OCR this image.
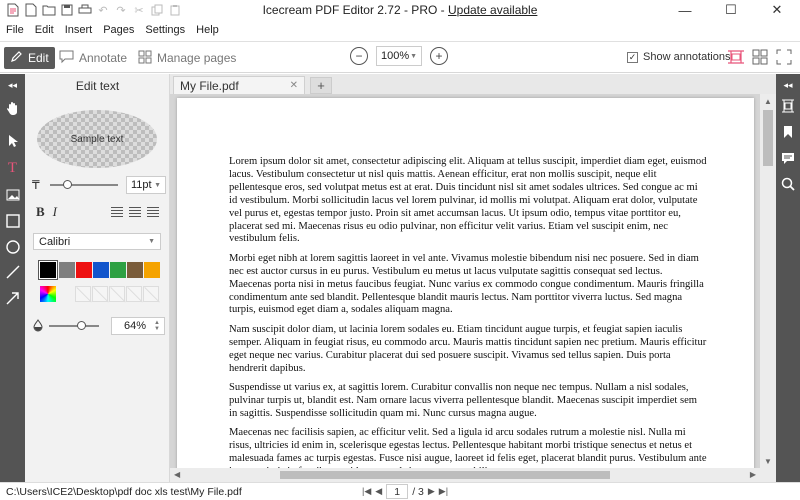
↶ ↷ ✂	Icecream PDF Editor 2.72 - PRO - Update available	—	☐	✕
File Edit Insert Pages Settings Help
Edit	Annotate Manage pages	−	100% ▼	+	✓ Show annotations
◂◂
T
Edit text
Sample text
₸	11pt ▼
B I
Calibri	▼
64% ▲
▼
My File.pdf	✕	+

Lorem ipsum dolor sit amet, consectetur adipiscing elit. Aliquam at tellus suscipit, imperdiet diam eget, euismod lacus. Vestibulum consectetur ut nisl quis mattis. Aenean efficitur, erat non mollis suscipit, neque elit pellentesque eros, sed volutpat metus est at erat. Duis tincidunt nisl sit amet sodales ultrices. Sed congue ac mi id vestibulum. Morbi sollicitudin lacus vel lorem pulvinar, id mollis mi volutpat. Aliquam erat dolor, vulputate vel purus et, egestas tempor justo. Proin sit amet accumsan lacus. Ut ipsum odio, tempus vitae porttitor eu, placerat sed mi. Maecenas risus eu odio pulvinar, non efficitur velit varius. Etiam vel suscipit enim, nec vestibulum felis.

Morbi eget nibh at lorem sagittis laoreet in vel ante. Vivamus molestie bibendum nisi nec posuere. Sed in diam nec est auctor cursus in eu purus. Vestibulum eu metus ut lacus vulputate sagittis consequat sed lectus. Maecenas porta nisi in metus faucibus feugiat. Nunc varius ex commodo congue condimentum. Mauris fringilla condimentum ante sed blandit. Pellentesque blandit mauris lectus. Nam porttitor viverra luctus. Sed magna turpis, euismod eget diam a, sodales aliquam magna.

Nam suscipit dolor diam, ut lacinia lorem sodales eu. Etiam tincidunt augue turpis, et feugiat sapien iaculis semper. Aliquam in feugiat risus, eu commodo arcu. Mauris mattis tincidunt sapien nec pretium. Mauris efficitur eget neque nec varius. Curabitur placerat dui sed posuere suscipit. Vivamus sed tellus sapien. Duis porta hendrerit dapibus.

Suspendisse ut varius ex, at sagittis lorem. Curabitur convallis non neque nec tempus. Nullam a nisl sodales, pulvinar turpis ut, blandit est. Nam ornare lacus viverra pellentesque blandit. Maecenas suscipit imperdiet sem in sagittis. Suspendisse sollicitudin quam mi. Nunc cursus magna augue.

Maecenas nec facilisis sapien, ac efficitur velit. Sed a ligula id arcu sodales rutrum a molestie nisl. Nulla mi risus, ultricies id enim in, scelerisque egestas lectus. Pellentesque habitant morbi tristique senectus et netus et malesuada fames ac turpis egestas. Fusce nisi augue, laoreet id felis eget, placerat blandit purus. Vestibulum ante

▲
▼
◀	▶
◂◂
C:\Users\ICE2\Desktop\pdf doc xls test\My File.pdf	|◀ ◀	1	/ 3 ▶ ▶|
